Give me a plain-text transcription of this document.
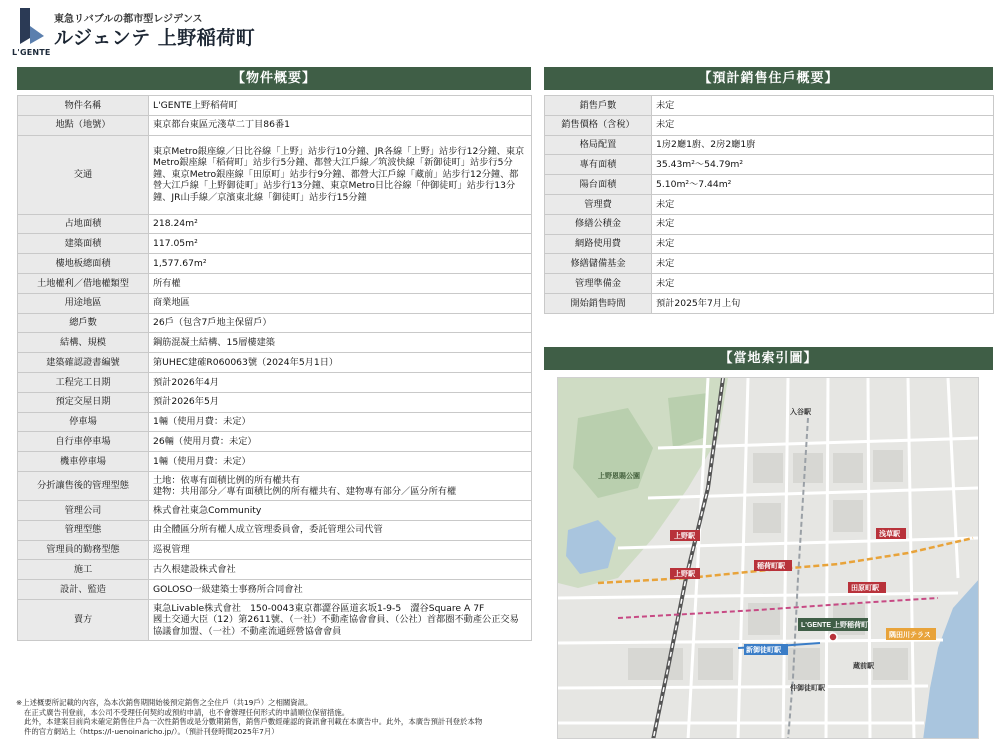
L'GENTE
東急リバブルの都市型レジデンス
ルジェンテ 上野稲荷町
【物件概要】
物件名稱	L'GENTE上野稻荷町
地點（地號）	東京都台東區元淺草二丁目86番1
交通	東京Metro銀座線／日比谷線「上野」站步行10分鐘、JR各線「上野」站步行12分鐘、東京Metro銀座線「稻荷町」站步行5分鐘、都營大江戶線／筑波快線「新御徒町」站步行5分鐘、東京Metro銀座線「田原町」站步行9分鐘、都營大江戶線「藏前」站步行12分鐘、都營大江戶線「上野御徒町」站步行13分鐘、東京Metro日比谷線「仲御徒町」站步行13分鐘、JR山手線／京濱東北線「御徒町」站步行15分鐘
占地面積	218.24m²
建築面積	117.05m²
樓地板總面積	1,577.67m²
土地權利／借地權類型	所有權
用途地區	商業地區
總戶數	26戶（包含7戶地主保留戶）
結構、規模	鋼筋混凝土結構、15層樓建築
建築確認證書編號	第UHEC建確R060063號（2024年5月1日）
工程完工日期	預計2026年4月
預定交屋日期	預計2026年5月
停車場	1輛（使用月費：未定）
自行車停車場	26輛（使用月費：未定）
機車停車場	1輛（使用月費：未定）
分折讓售後的管理型態	土地：依專有面積比例的所有權共有
建物：共用部分／專有面積比例的所有權共有、建物專有部分／區分所有權
管理公司	株式會社東急Community
管理型態	由全體區分所有權人成立管理委員會，委託管理公司代管
管理員的勤務型態	巡視管理
施工	古久根建設株式會社
設計、監造	GOLOSO一級建築士事務所合同會社
賣方	東急Livable株式會社　150-0043東京都澀谷區道玄坂1-9-5　澀谷Square A 7F
國土交通大臣（12）第2611號、（一社）不動產協會會員、（公社）首都圈不動產公正交易協議會加盟、（一社）不動產流通經營協會會員
【預計銷售住戶概要】
銷售戶數	未定
銷售價格（含稅）	未定
格局配置	1房2廳1廚、2房2廳1廚
專有面積	35.43m²～54.79m²
陽台面積	5.10m²～7.44m²
管理費	未定
修繕公積金	未定
網路使用費	未定
修繕儲備基金	未定
管理準備金	未定
開始銷售時間	預計2025年7月上旬
【當地索引圖】
上野駅
上野駅
稲荷町駅
新御徒町駅
田原町駅
浅草駅
入谷駅
蔵前駅
仲御徒町駅
上野恩賜公園
L'GENTE 上野稲荷町
隅田川テラス

※上述概要所記載的內容，為本次銷售期開始後預定銷售之全住戶（共19戶）之相關資訊。

在正式廣告刊登前，本公司不受理任何契約或預約申請，也不會辦理任何形式的申請順位保留措施。

此外，本建案目前尚未確定銷售住戶為一次性銷售或是分數期銷售，銷售戶數經確認的資訊會刊載在本廣告中。此外，本廣告預計刊登於本物

件的官方網站上（https://l-uenoinaricho.jp/）。（預計刊登時間2025年7月）
